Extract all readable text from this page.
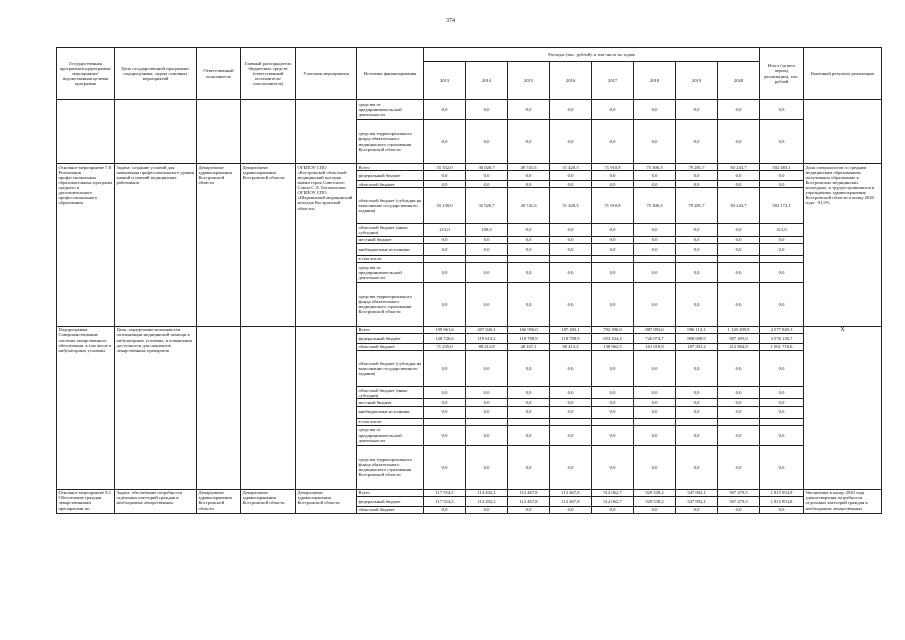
374
Государственная программа/подпрограмма/ мероприятие/ ведомственная целевая программа	Цель государственной программы/подпрограммы, задача основных мероприятий	Ответственный исполнитель	Главный распорядитель бюджетных средств (ответственный исполнитель/ соисполнитель)	Участник мероприятия	Источник финансирования	Расходы (тыс. рублей), в том числе по годам								Итого (за весь период реализации), тыс. рублей	Конечный результат реализации
						2013	2014	2015	2016	2017	2018	2019	2020		
					средства от предпринимательской деятельности	0,0	0,0	0,0	0,0	0,0	0,0	0,0	0,0	0,0	
					средства территориального фонда обязательного медицинского страхования Костромской области	0,0	0,0	0,0	0,0	0,0	0,0	0,0	0,0	0,0	
Основное мероприятие 7.8 Реализация профессиональных образовательных программ среднего и дополнительного профессионального образования	Задача: создание условий для повышения профессионального уровня знаний и умений медицинских работников	Департамент здравоохранения Костромской области	Департамент здравоохранения Костромской области	ОГБПОУ СПО «Костромской областной медицинский колледж имени героя Советского Союза С.А. Богомолова» ОГБПОУ СПО «Шарьинский медицинский колледж Костромской области»	Всего	55 352,0	36 026,7	49 741,6	51 420,3	71 910,8	75 306,3	79 281,7	83 243,7	502 483,1	Доля специалистов со средним медицинским образованием, получивших образование в Костромских медицинских колледжах, и трудоустроившихся в учреждениях здравоохранения Костромской области к концу 2020 года - 91,5%
					федеральный бюджет	0,0	0,0	0,0	0,0	0,0	0,0	0,0	0,0	0,0	
					областной бюджет	0,0	0,0	0,0	0,0	0,0	0,0	0,0	0,0	0,0	
					областной бюджет (субсидия на выполнение государственного задания)	55 139,0	35 926,7	49 741,6	51 420,3	71 910,8	75 306,3	79 281,7	83 243,7	502 172,1	
					областной бюджет (иные субсидии)	213,0	100,0	0,0	0,0	0,0	0,0	0,0	0,0	313,0	
					местный бюджет	0,0	0,0	0,0	0,0	0,0	0,0	0,0	0,0	0,0	
					внебюджетные источники	0,0	0,0	0,0	0,0	0,0	0,0	0,0	0,0	0,0	
					в том числе:										
					средства от предпринимательской деятельности	0,0	0,0	0,0	0,0	0,0	0,0	0,0	0,0	0,0	
					средства территориального фонда обязательного медицинского страхования Костромской области	0,0	0,0	0,0	0,0	0,0	0,0	0,0	0,0	0,0	
Подпрограмма Совершенствование системы лекарственного обеспечения, в том числе в амбулаторных условиях	Цель: определение возможности оптимизации медицинской помощи в амбулаторных условиях, в повышении доступности для пациентов лекарственных препаратов				Всего	199 961,6	207 826,1	166 956,0	187 202,1	792 396,9	887 093,6	996 112,1	1 120 299,9	4 577 849,3	X
					федеральный бюджет	128 726,6	119 613,2	118 788,9	118 788,9	653 434,4	726 074,7	808 608,9	907 495,0	3 576 130,7	
					областной бюджет	71 235,0	88 212,8	48 167,1	68 413,2	138 962,5	161 018,9	187 503,2	212 804,9	1 001 718,6	
					областной бюджет (субсидия на выполнение государственного задания)	0,0	0,0	0,0	0,0	0,0	0,0	0,0	0,0	0,0	
					областной бюджет (иные субсидии)	0,0	0,0	0,0	0,0	0,0	0,0	0,0	0,0	0,0	
					местный бюджет	0,0	0,0	0,0	0,0	0,0	0,0	0,0	0,0	0,0	
					внебюджетные источники	0,0	0,0	0,0	0,0	0,0	0,0	0,0	0,0	0,0	
					в том числе:										
					средства от предпринимательской деятельности	0,0	0,0	0,0	0,0	0,0	0,0	0,0	0,0	0,0	
					средства территориального фонда обязательного медицинского страхования Костромской области	0,0	0,0	0,0	0,0	0,0	0,0	0,0	0,0	0,0	
Основное мероприятие 8.1 Обеспечение граждан лекарственными препаратами по	Задача: обеспечение потребности отдельных категорий граждан в необходимых лекарственных	Департамент здравоохранения Костромской области	Департамент здравоохранения Костромской области	Департамент здравоохранения Костромской области	Всего	117 554,5	114 292,2	112 467,8	112 467,8	512 062,7	529 538,2	547 992,1	567 479,5	1 815 854,8	Увеличение к концу 2020 года удовлетворения потребности отдельных категорий граждан в необходимых лекарственных
					федеральный бюджет	117 554,5	114 292,2	112 467,8	112 467,8	512 062,7	529 538,2	547 992,1	567 479,5	1 815 854,8	
					областной бюджет	0,0	0,0	0,0	0,0	0,0	0,0	0,0	0,0	0,0	
